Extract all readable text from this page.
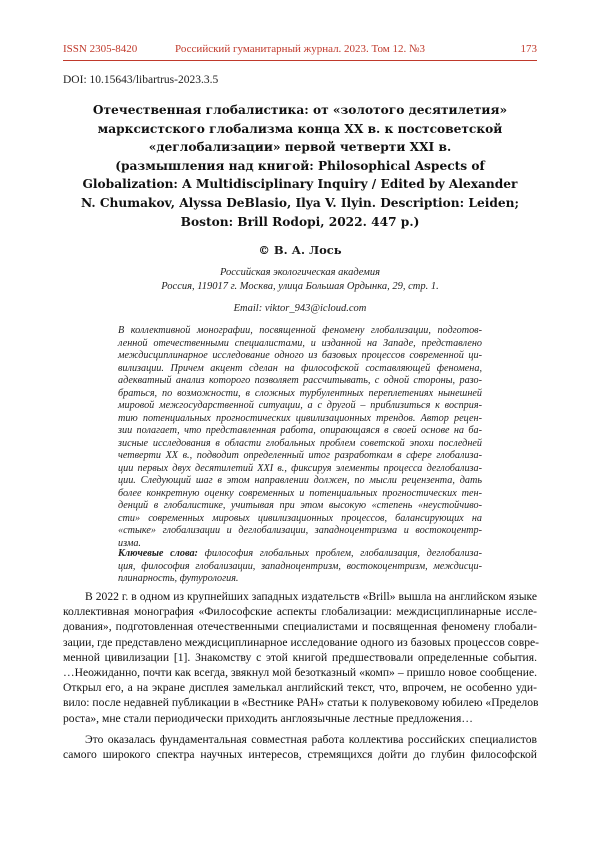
ISSN 2305-8420	Российский гуманитарный журнал. 2023. Том 12. №3	173
DOI: 10.15643/libartrus-2023.3.5
Отечественная глобалистика: от «золотого десятилетия»
марксистского глобализма конца XX в. к постсоветской
«деглобализации» первой четверти XXI в.
(размышления над книгой: Philosophical Aspects of
Globalization: A Multidisciplinary Inquiry / Edited by Alexander
N. Chumakov, Alyssa DeBlasio, Ilya V. Ilyin. Description: Leiden;
Boston: Brill Rodopi, 2022. 447 p.)
© В. А. Лось
Российская экологическая академия
Россия, 119017 г. Москва, улица Большая Ордынка, 29, стр. 1.
Email: viktor_943@icloud.com
В коллективной монографии, посвященной феномену глобализации, подготов-
ленной отечественными специалистами, и изданной на Западе, представлено
междисциплинарное исследование одного из базовых процессов современной ци-
вилизации. Причем акцент сделан на философской составляющей феномена,
адекватный анализ которого позволяет рассчитывать, с одной стороны, разо-
браться, по возможности, в сложных турбулентных переплетениях нынешней
мировой межгосударственной ситуации, а с другой – приблизиться к восприя-
тию потенциальных прогностических цивилизационных трендов. Автор рецен-
зии полагает, что представленная работа, опирающаяся в своей основе на ба-
зисные исследования в области глобальных проблем советской эпохи последней
четверти XX в., подводит определенный итог разработкам в сфере глобализа-
ции первых двух десятилетий XXI в., фиксируя элементы процесса деглобализа-
ции. Следующий шаг в этом направлении должен, по мысли рецензента, дать
более конкретную оценку современных и потенциальных прогностических тен-
денций в глобалистике, учитывая при этом высокую «степень «неустойчиво-
сти» современных мировых цивилизационных процессов, балансирующих на
«стыке» глобализации и деглобализации, западноцентризма и востокоцентр-
изма.
Ключевые слова: философия глобальных проблем, глобализация, деглобализа-
ция, философия глобализации, западноцентризм, востокоцентризм, междисци-
плинарность, футурология.
В 2022 г. в одном из крупнейших западных издательств «Brill» вышла на английском языке
коллективная монография «Философские аспекты глобализации: междисциплинарные иссле-
дования», подготовленная отечественными специалистами и посвященная феномену глобали-
зации, где представлено междисциплинарное исследование одного из базовых процессов совре-
менной цивилизации [1]. Знакомству с этой книгой предшествовали определенные события.
…Неожиданно, почти как всегда, звякнул мой безотказный «комп» – пришло новое сообщение.
Открыл его, а на экране дисплея замелькал английский текст, что, впрочем, не особенно уди-
вило: после недавней публикации в «Вестнике РАН» статьи к полувековому юбилею «Пределов
роста», мне стали периодически приходить англоязычные лестные предложения…
Это оказалась фундаментальная совместная работа коллектива российских специалистов
самого широкого спектра научных интересов, стремящихся дойти до глубин философской
